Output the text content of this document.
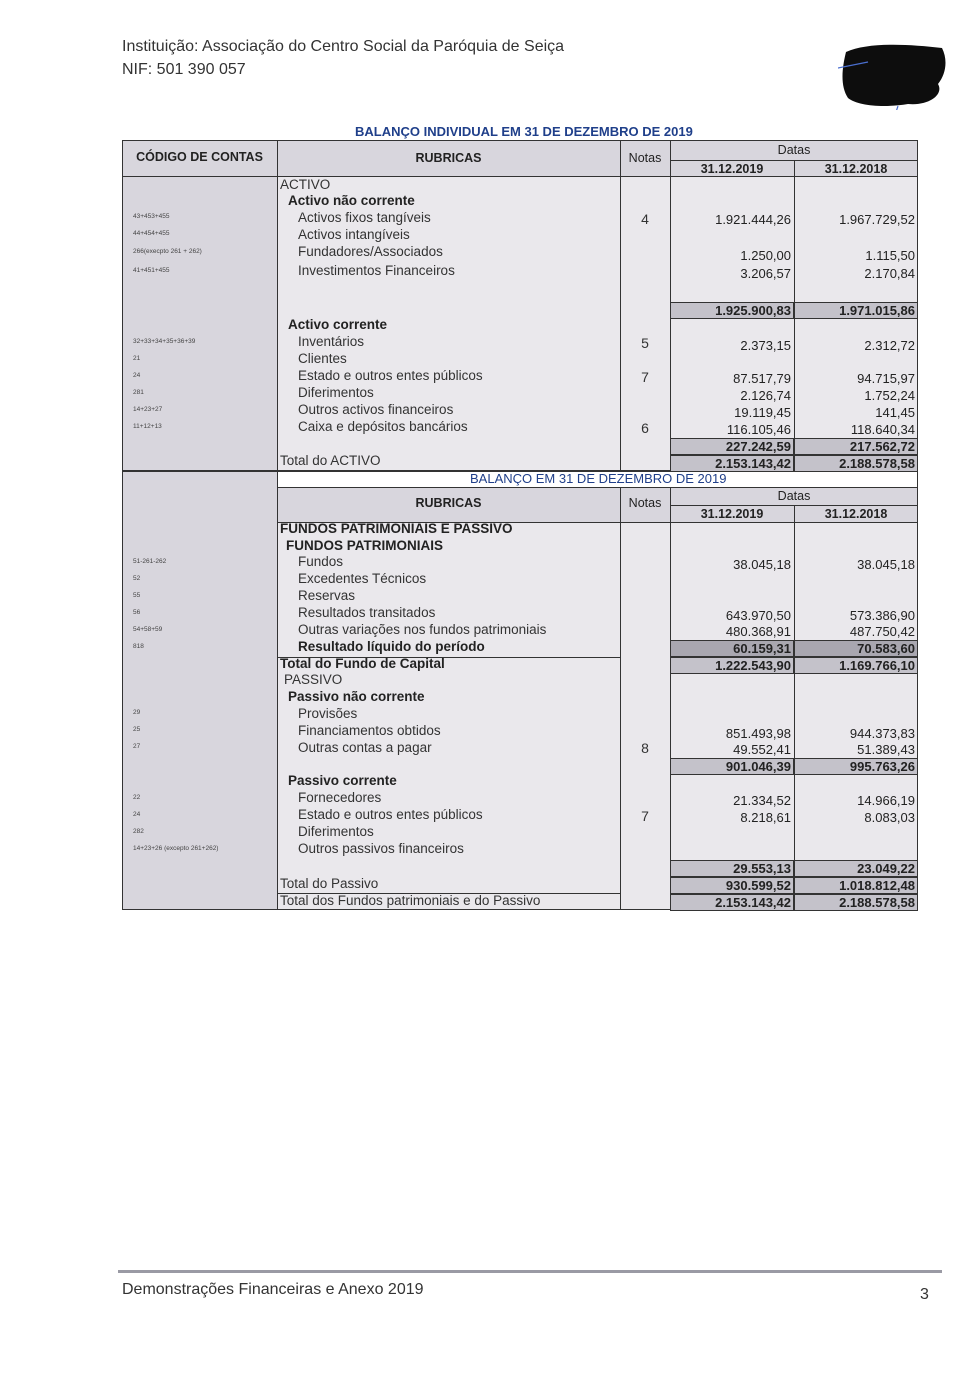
Instituição: Associação do Centro Social da Paróquia de Seiça
NIF: 501 390 057
BALANÇO INDIVIDUAL EM 31 DE DEZEMBRO DE 2019
CÓDIGO DE CONTAS	RUBRICAS	Notas
Datas
31.12.2019	31.12.2018
ACTIVO
Activo não corrente
43+453+455	Activos fixos tangíveis	4	1.921.444,26	1.967.729,52
44+454+455	Activos intangíveis
266(execpto 261 + 262)	Fundadores/Associados	1.250,00	1.115,50
41+451+455	Investimentos Financeiros	3.206,57	2.170,84
1.925.900,83	1.971.015,86
Activo corrente
32+33+34+35+36+39	Inventários	5	2.373,15	2.312,72
21	Clientes
24	Estado e outros entes públicos	7	87.517,79	94.715,97
281	Diferimentos	2.126,74	1.752,24
14+23+27	Outros activos financeiros	19.119,45	141,45
11+12+13	Caixa e depósitos bancários	6	116.105,46	118.640,34
227.242,59	217.562,72
Total do ACTIVO	2.153.143,42	2.188.578,58
BALANÇO EM 31 DE DEZEMBRO DE 2019
RUBRICAS	Notas	Datas
31.12.2019	31.12.2018
FUNDOS PATRIMONIAIS E PASSIVO
FUNDOS PATRIMONIAIS
51-261-262	Fundos	38.045,18	38.045,18
52	Excedentes Técnicos
55	Reservas
56	Resultados transitados	643.970,50	573.386,90
54+58+59	Outras variações nos fundos patrimoniais	480.368,91	487.750,42
818	Resultado líquido do período	60.159,31	70.583,60
Total do Fundo de Capital	1.222.543,90	1.169.766,10
PASSIVO
Passivo não corrente
29	Provisões
25	Financiamentos obtidos	851.493,98	944.373,83
27	Outras contas a pagar	8	49.552,41	51.389,43
901.046,39	995.763,26
Passivo corrente
22	Fornecedores	21.334,52	14.966,19
24	Estado e outros entes públicos	7	8.218,61	8.083,03
282	Diferimentos
14+23+26 (excepto 261+262)	Outros passivos financeiros
29.553,13	23.049,22
Total do Passivo	930.599,52	1.018.812,48
Total dos Fundos patrimoniais e do Passivo	2.153.143,42	2.188.578,58
Demonstrações Financeiras e Anexo 2019	3
